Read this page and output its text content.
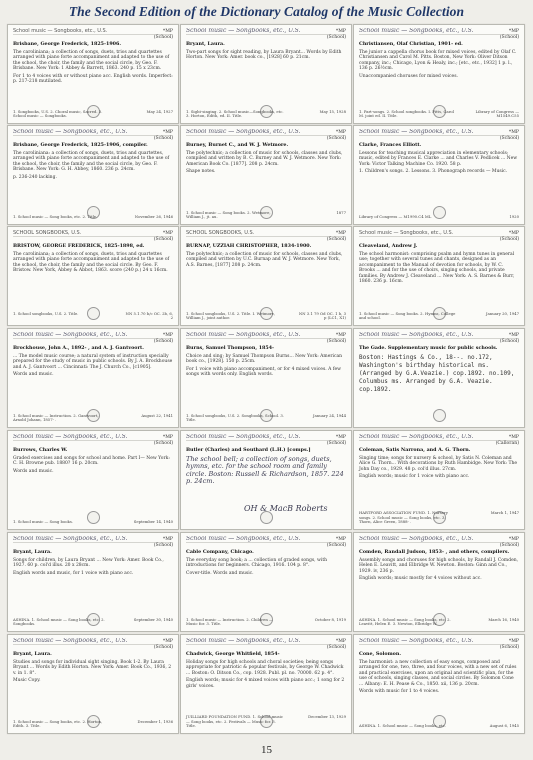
The Second Edition of the Dictionary Catalog of the Music Collection
School music — Songbooks, etc., U.S.	*MP
(School)

Brisbane, George Frederick, 1825-1906.

The caroliniana; a collection of songs, duets, trios and quartettes arranged with piano forte accompaniment and adapted to the use of the school, the choir, the family and the social circle, by Geo. F. Brisbane. New York: 1 Abbey & Barrett, 1863. 240 p. 15 x 23cm.

For 1 to 4 voices with or without piano acc. English words. Imperfect: p. 217-218 mutilated.

1. Songbooks, U.S. 2. Choral music, Sacred. 3. School music — Songbooks.
May 24, 1927
School music — Songbooks, etc., U.S.	*MP
(School)

Bryant, Laura.

Two-part songs for sight reading, by Laura Bryant... Words by Edith Horton. New York: Amer. book co., [1928] 60 p. 21cm.

1. Sight-singing. 2. School music—Songbooks, etc. 3. Horton, Edith, ed. II. Title.
May 15, 1928
School music — Songbooks, etc., U.S.	*MP
(School)

Christiansen, Olaf Christian, 1901- ed.

The junior a cappella chorus book for mixed voices, edited by Olaf C. Christiansen and Carol M. Pitts. Boston, New York: Oliver Ditson company, inc.; Chicago, Lyon & Healy, inc.; [etc., etc., 1932] 1 p. l., 136 p. 26½cm.

Unaccompanied choruses for mixed voices.

1. Part-songs. 2. School songbooks. I. Pitts, Carol M. joint ed. II. Title.
Library of Congress — M1549.C55
School music — Songbooks, etc., U.S.	*MP
(School)

Brisbane, George Frederick, 1825-1906, compiler.

The caroliniana: a collection of songs, duets, trios and quartettes, arranged with piano forte accompaniment and adapted to the use of the school, the choir, the family and the social circle, by Geo. F. Brisbane. New York: G. H. Abbey, 1860. 236 p. 24cm.

p. 236-240 lacking.

1. School music — Song books, etc. 2. Title.	November 26, 1946
School music — Songbooks, etc., U.S.	*MP
(School)

Burney, Burnet C., and W. J. Wetmore.

The polytechnic; a collection of music for schools, classes and clubs, compiled and written by B. C. Burney and W. J. Wetmore. New York: American Book Co. [1877]. 208 p. 24cm.

Shape notes.

1. School music — Song books. 2. Wetmore, William J., jt. au.
1877
School music — Songbooks, etc., U.S.	*MP
(School)

Clarke, Frances Elliott.

Lessons for teaching musical appreciation in elementary schools; music, edited by Frances E. Clarke ... and Charles V. Pedlicek ... New York: Victor Talking Machine Co. 1920. 58 p.

1. Children's songs. 2. Lessons. 3. Phonograph records — Music.

Library of Congress — M1990.C4 ML	1920
SCHOOL SONGBOOKS, U.S.	*MP
(School)

BRISTOW, GEORGE FREDERICK, 1825-1898, ed.

The caroliniana; a collection of songs, duets, trios and quartettes arranged with piano forte accompaniment and adapted to the use of the school, the choir, the family and the social circle. By Geo. F. Bristow. New York, Abbey & Abbot, 1863. score (240 p.) 24 x 16cm.

1. School songbooks, U.S. 2. Title.	NN 5.1.70 b/c OC. 2b, 6, 2
SCHOOL SONGBOOKS, U.S.	*MP
(School)

BURNAP, UZZIAH CHRISTOPHER, 1834-1900.

The polytechnic; a collection of music for schools, classes and clubs, compiled and written by U.C. Burnap and W. J. Wetmore. New York, A.S. Barnes, [1877] 208 p. 24cm.

1. School songbooks, U.S. 2. Title. I. Wetmore, William J., joint author.
NN 3.1 79 Od OC. 1 b, 3 p (LC1, X1)
School music — Songbooks, etc., U.S.	*MP
(School)

Cleaveland, Andrew J.

The school harmonist: comprising psalm and hymn tunes in general use; together with several tunes and chants, designed as an accompaniment to the Manual of devotion for schools, by W. C. Brooks ... and for the use of choirs, singing schools, and private families. By Andrew J. Cleaveland ... New York: A. S. Barnes & Burr, 1860. 236 p. 16cm.

1. School music — Song books. 2. Hymns, College and school.
January 20, 1947
School music — Songbooks, etc., U.S.	*MP
(School)

Brockhouse, John A., 1892- , and A. J. Gantvoort.

... The model music course; a natural system of instruction specially prepared for the study of music in public schools. By J. A. Brockhouse and A. J. Gantvoort ... Cincinnati: The J. Church Co., [c1905].

Words and music.

1. School music — Instruction. 2. Gantvoort, Arnold Johann, 1857- .
August 22, 1941
School music — Songbooks, etc., U.S.	*MP
(School)

Burns, Samuel Thompson, 1854-

Choice and sing; by Samuel Thompson Burns... New York: American book co., [1928]. 150 p. 25cm.

For 1 voice with piano accompaniment, or for 4 mixed voices. A few songs with words only. English words.

1. School songbooks, U.S. 2. Songbooks, School. 3. Title.
January 24, 1944
School music — Songbooks, etc., U.S.	*MP
(School)

The Gade. Supplementary music for public schools.

Boston: Hastings & Co., 18--. no.172, Washington's birthday historical ms. (Arranged by G.A.Veazie.) cop.1892. no.109, Columbus ms. Arranged by G.A. Veazie. cop.1892.

School music — Songbooks, etc., U.S.	*MP
(School)

Burrows, Charles W.

Graded exercises and songs for school and home. Part I— New York: C. H. Browne pub. 1880? 16 p. 20cm.

Words and music.

1. School music — Song books.	September 14, 1940
School music — Songbooks, etc., U.S.	*MP
(School)

Butler (Charles) and Southard (L.H.) [comps.]

The school bell; a collection of songs, duets, hymns, etc. for the school room and family circle. Boston: Russell & Richardson, 1857. 224 p. 24cm.

OH & MacB Roberts
School music — Songbooks, etc., U.S.	*MP
(Calloran)

Coleman, Satis Narrona, and A. G. Thorn.

Singing time; songs for nursery & school, by Satis N. Coleman and Alice G. Thorn... With decorations by Ruth Hambidge. New York: The John Day co., 1929. 48 p. col'd illus. 27cm.

English words; music for 1 voice with piano acc.

HARTFORD ASSOCIATION FUND. 1. Nursery songs. 2. School music — Song books, etc. 3. Thorn, Alice Green, 1888- .
March 1, 1947
School music — Songbooks, etc., U.S.	*MP
(School)

Bryant, Laura.

Songs for children, by Laura Bryant ... New York: Amer. Book Co., 1927. 60 p. col'd illus. 20 x 28cm.

English words and music, for 1 voice with piano acc.

ASHINA. 1. School music — Song books, etc. 2. Songbooks.
September 30, 1940
School music — Songbooks, etc., U.S.	*MP
(School)

Cable Company, Chicago.

The everyday song book; a ... collection of graded songs, with introductions for beginners. Chicago, 1916. 104 p. 8°.

Cover-title. Words and music.

1. School music — Instruction. 2. Children — Music for. 3. Title.
October 8, 1919
School music — Songbooks, etc., U.S.	*MP
(School)

Comden, Randall Judson, 1853- , and others, compilers.

Assembly songs and choruses for high schools, by Randall J. Comden, Helen E. Leavitt, and Elbridge W. Newton. Boston: Ginn and Co., 1929. iv, 236 p.

English words; music mostly for 4 voices without acc.

ASHINA. 1. School music — Song books, etc. 2. Leavitt, Helen E. 3. Newton, Elbridge W.
March 16, 1940
School music — Songbooks, etc., U.S.	*MP
(School)

Bryant, Laura.

Studies and songs for individual sight singing. Book 1-2. By Laura Bryant ... Words by Edith Horton. New York: Amer. Book Co., 1936, 2 v. in 1. 8°.

Music Copy.

1. School music — Song books, etc. 2. Horton, Edith. 3. Title.
December 1, 1936
School music — Songbooks, etc., U.S.	*MP
(School)

Chadwick, George Whitfield, 1854-

Holiday songs for high schools and choral societies; being songs appropriate for patriotic & popular festivals, by George W. Chadwick ... Boston: O. Ditson Co., cop. 1928. Publ. pl. no. 70000. 62 p. 4°.

English words; music for 4 mixed voices with piano acc.; 1 song for 2 girls' voices.

JUILLIARD FOUNDATION FUND. 1. School music — Song books, etc. 2. Festivals — Music for. 3. Title.
December 13, 1929
School music — Songbooks, etc., U.S.	*MP
(School)

Cone, Solomon.

The harmonist: a new collection of easy songs, composed and arranged for one, two, three, and four voices, with a new set of rules and practical exercises, upon an original and scientific plan, for the use of schools, singing classes, and social circles. By Solomon Cone ... Albany: E. H. Pease & Co., 1850. xii, 136 p. 20cm.

Words with music for 1 to 4 voices.

ASHINA. 1. School music — Song books, etc.	August 6, 1945
15
